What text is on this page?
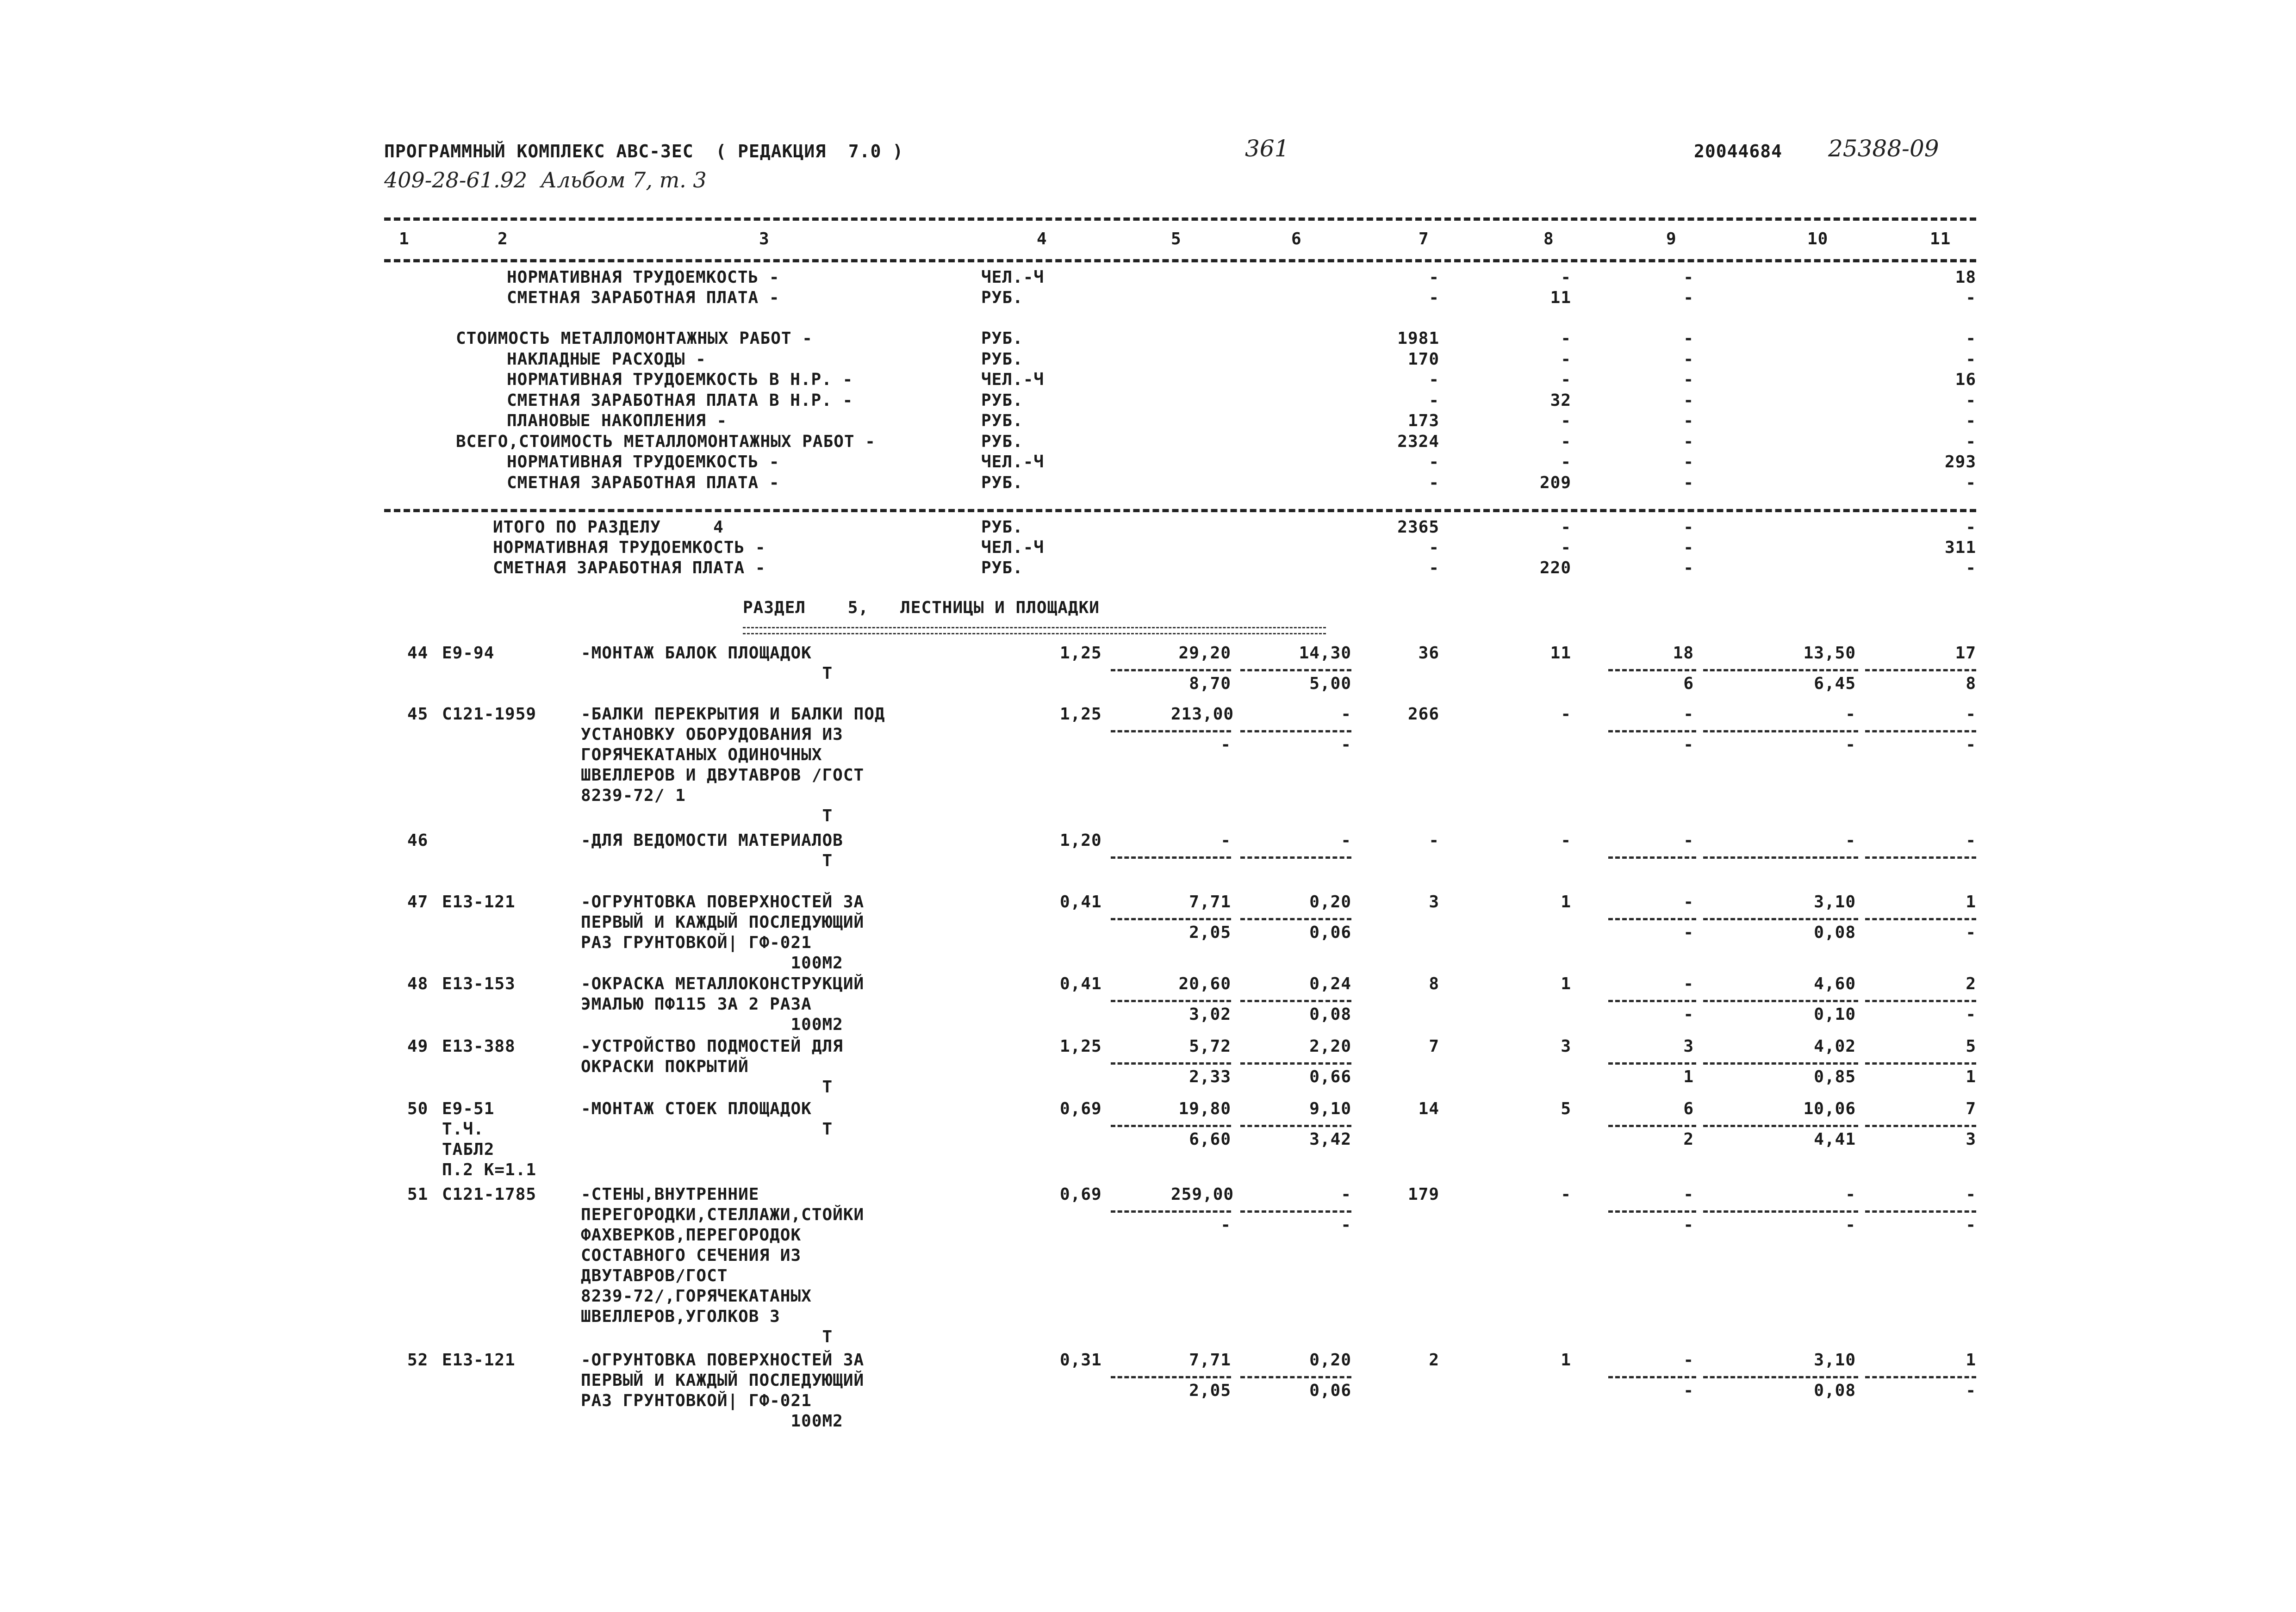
ПРОГРАММНЫЙ КОМПЛЕКС АВС-3ЕС  ( РЕДАКЦИЯ  7.0 )	361	20044684 25388-09
409-28-61.92  Альбом 7, т. 3
1	2	3	4	5	6	7	8	9	10	11
НОРМАТИВНАЯ ТРУДОЕМКОСТЬ -	ЧЕЛ.-Ч	-	-	-	18
СМЕТНАЯ ЗАРАБОТНАЯ ПЛАТА -	РУБ.	-	11	-	-
СТОИМОСТЬ МЕТАЛЛОМОНТАЖНЫХ РАБОТ -	РУБ.	1981	-	-	-
НАКЛАДНЫЕ РАСХОДЫ -	РУБ.	170	-	-	-
НОРМАТИВНАЯ ТРУДОЕМКОСТЬ В Н.Р. -	ЧЕЛ.-Ч	-	-	-	16
СМЕТНАЯ ЗАРАБОТНАЯ ПЛАТА В Н.Р. -	РУБ.	-	32	-	-
ПЛАНОВЫЕ НАКОПЛЕНИЯ -	РУБ.	173	-	-	-
ВСЕГО,СТОИМОСТЬ МЕТАЛЛОМОНТАЖНЫХ РАБОТ -	РУБ.	2324	-	-	-
НОРМАТИВНАЯ ТРУДОЕМКОСТЬ -	ЧЕЛ.-Ч	-	-	-	293
СМЕТНАЯ ЗАРАБОТНАЯ ПЛАТА -	РУБ.	-	209	-	-
ИТОГО ПО РАЗДЕЛУ     4	РУБ.	2365	-	-	-
НОРМАТИВНАЯ ТРУДОЕМКОСТЬ -	ЧЕЛ.-Ч	-	-	-	311
СМЕТНАЯ ЗАРАБОТНАЯ ПЛАТА -	РУБ.	-	220	-	-
РАЗДЕЛ    5,   ЛЕСТНИЦЫ И ПЛОЩАДКИ
44 Е9-94	-МОНТАЖ БАЛОК ПЛОЩАДОК
Т
1,25	29,20	14,30	36	11	18	13,50	17
8,70	5,00	6	6,45	8
45 С121-1959	-БАЛКИ ПЕРЕКРЫТИЯ И БАЛКИ ПОД
УСТАНОВКУ ОБОРУДОВАНИЯ ИЗ
ГОРЯЧЕКАТАНЫХ ОДИНОЧНЫХ
ШВЕЛЛЕРОВ И ДВУТАВРОВ /ГОСТ
8239-72/ 1
Т
1,25	213,00	-	266	-	-	-	-
-	-	-	-	-
46	-ДЛЯ ВЕДОМОСТИ МАТЕРИАЛОВ
Т
1,20	-	-	-	-	-	-	-
47 Е13-121	-ОГРУНТОВКА ПОВЕРХНОСТЕЙ ЗА
ПЕРВЫЙ И КАЖДЫЙ ПОСЛЕДУЮЩИЙ
РАЗ ГРУНТОВКОЙ| ГФ-021
100М2
0,41	7,71	0,20	3	1	-	3,10	1
2,05	0,06	-	0,08	-
48 Е13-153	-ОКРАСКА МЕТАЛЛОКОНСТРУКЦИЙ
ЭМАЛЬЮ ПФ115 ЗА 2 РАЗА
100М2
0,41	20,60	0,24	8	1	-	4,60	2
3,02	0,08	-	0,10	-
49 Е13-388	-УСТРОЙСТВО ПОДМОСТЕЙ ДЛЯ
ОКРАСКИ ПОКРЫТИЙ
Т
1,25	5,72	2,20	7	3	3	4,02	5
2,33	0,66	1	0,85	1
50 Е9-51
Т.Ч.
ТАБЛ2
П.2 К=1.1
-МОНТАЖ СТОЕК ПЛОЩАДОК
Т
0,69	19,80	9,10	14	5	6	10,06	7
6,60	3,42	2	4,41	3
51 С121-1785	-СТЕНЫ,ВНУТРЕННИЕ
ПЕРЕГОРОДКИ,СТЕЛЛАЖИ,СТОЙКИ
ФАХВЕРКОВ,ПЕРЕГОРОДОК
СОСТАВНОГО СЕЧЕНИЯ ИЗ
ДВУТАВРОВ/ГОСТ
8239-72/,ГОРЯЧЕКАТАНЫХ
ШВЕЛЛЕРОВ,УГОЛКОВ 3
Т
0,69	259,00	-	179	-	-	-	-
-	-	-	-	-
52 Е13-121	-ОГРУНТОВКА ПОВЕРХНОСТЕЙ ЗА
ПЕРВЫЙ И КАЖДЫЙ ПОСЛЕДУЮЩИЙ
РАЗ ГРУНТОВКОЙ| ГФ-021
100М2
0,31	7,71	0,20	2	1	-	3,10	1
2,05	0,06	-	0,08	-
